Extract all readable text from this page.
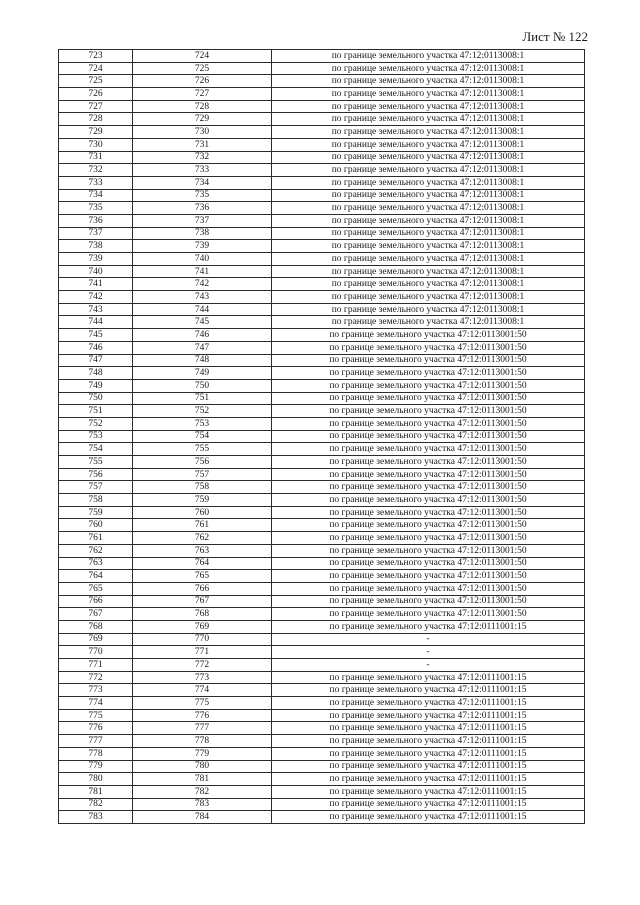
Лист № 122
723	724	по границе земельного участка 47:12:0113008:1
724	725	по границе земельного участка 47:12:0113008:1
725	726	по границе земельного участка 47:12:0113008:1
726	727	по границе земельного участка 47:12:0113008:1
727	728	по границе земельного участка 47:12:0113008:1
728	729	по границе земельного участка 47:12:0113008:1
729	730	по границе земельного участка 47:12:0113008:1
730	731	по границе земельного участка 47:12:0113008:1
731	732	по границе земельного участка 47:12:0113008:1
732	733	по границе земельного участка 47:12:0113008:1
733	734	по границе земельного участка 47:12:0113008:1
734	735	по границе земельного участка 47:12:0113008:1
735	736	по границе земельного участка 47:12:0113008:1
736	737	по границе земельного участка 47:12:0113008:1
737	738	по границе земельного участка 47:12:0113008:1
738	739	по границе земельного участка 47:12:0113008:1
739	740	по границе земельного участка 47:12:0113008:1
740	741	по границе земельного участка 47:12:0113008:1
741	742	по границе земельного участка 47:12:0113008:1
742	743	по границе земельного участка 47:12:0113008:1
743	744	по границе земельного участка 47:12:0113008:1
744	745	по границе земельного участка 47:12:0113008:1
745	746	по границе земельного участка 47:12:0113001:50
746	747	по границе земельного участка 47:12:0113001:50
747	748	по границе земельного участка 47:12:0113001:50
748	749	по границе земельного участка 47:12:0113001:50
749	750	по границе земельного участка 47:12:0113001:50
750	751	по границе земельного участка 47:12:0113001:50
751	752	по границе земельного участка 47:12:0113001:50
752	753	по границе земельного участка 47:12:0113001:50
753	754	по границе земельного участка 47:12:0113001:50
754	755	по границе земельного участка 47:12:0113001:50
755	756	по границе земельного участка 47:12:0113001:50
756	757	по границе земельного участка 47:12:0113001:50
757	758	по границе земельного участка 47:12:0113001:50
758	759	по границе земельного участка 47:12:0113001:50
759	760	по границе земельного участка 47:12:0113001:50
760	761	по границе земельного участка 47:12:0113001:50
761	762	по границе земельного участка 47:12:0113001:50
762	763	по границе земельного участка 47:12:0113001:50
763	764	по границе земельного участка 47:12:0113001:50
764	765	по границе земельного участка 47:12:0113001:50
765	766	по границе земельного участка 47:12:0113001:50
766	767	по границе земельного участка 47:12:0113001:50
767	768	по границе земельного участка 47:12:0113001:50
768	769	по границе земельного участка 47:12:0111001:15
769	770	-
770	771	-
771	772	-
772	773	по границе земельного участка 47:12:0111001:15
773	774	по границе земельного участка 47:12:0111001:15
774	775	по границе земельного участка 47:12:0111001:15
775	776	по границе земельного участка 47:12:0111001:15
776	777	по границе земельного участка 47:12:0111001:15
777	778	по границе земельного участка 47:12:0111001:15
778	779	по границе земельного участка 47:12:0111001:15
779	780	по границе земельного участка 47:12:0111001:15
780	781	по границе земельного участка 47:12:0111001:15
781	782	по границе земельного участка 47:12:0111001:15
782	783	по границе земельного участка 47:12:0111001:15
783	784	по границе земельного участка 47:12:0111001:15
